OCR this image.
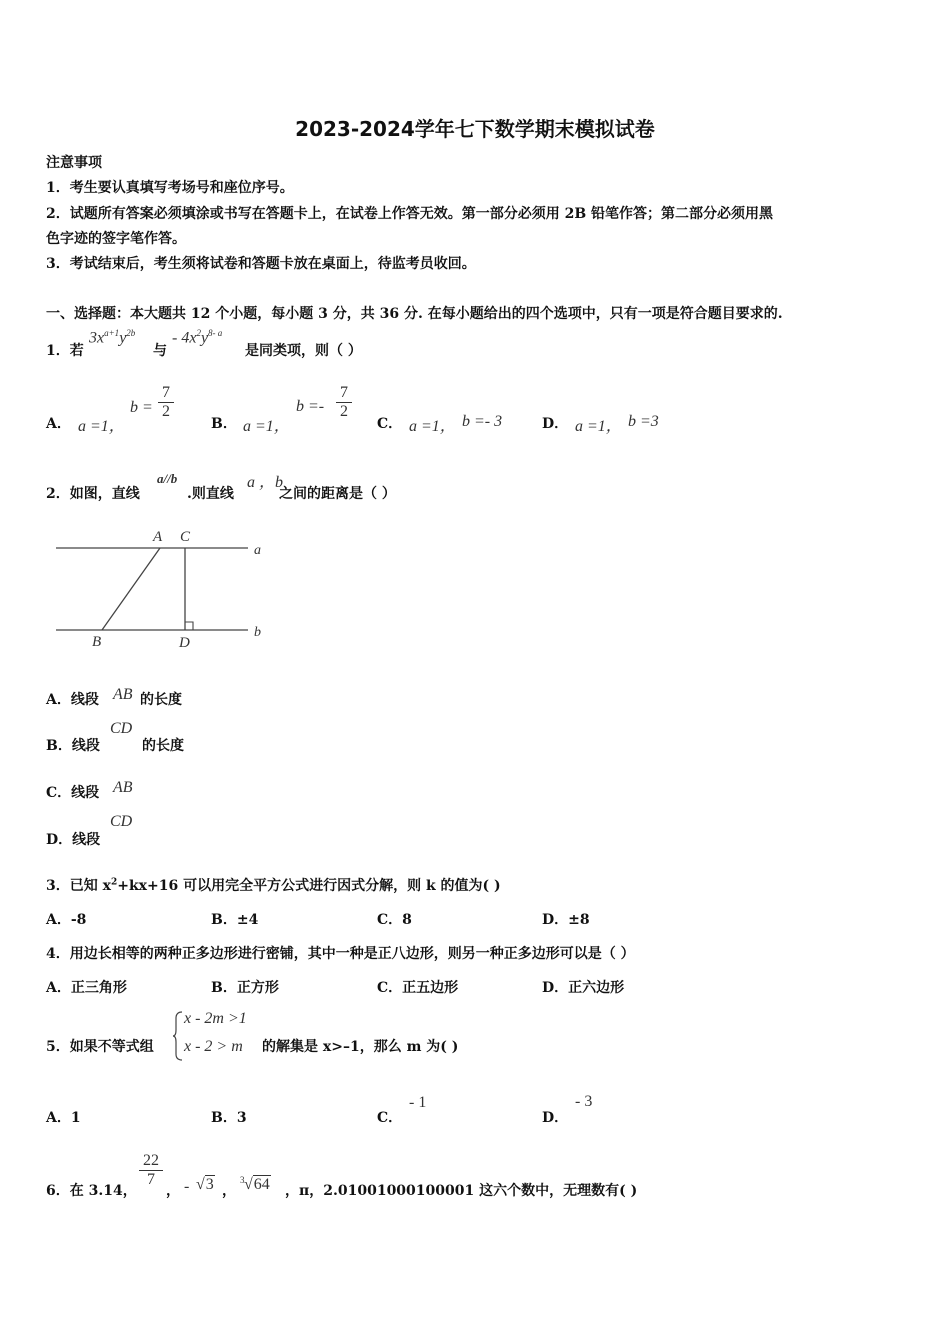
2023-2024学年七下数学期末模拟试卷
注意事项
1．考生要认真填写考场号和座位序号。
2．试题所有答案必须填涂或书写在答题卡上，在试卷上作答无效。第一部分必须用 2B 铅笔作答；第二部分必须用黑
色字迹的签字笔作答。
3．考试结束后，考生须将试卷和答题卡放在桌面上，待监考员收回。
一、选择题：本大题共 12 个小题，每小题 3 分，共 36 分. 在每小题给出的四个选项中，只有一项是符合题目要求的.
1．若
$3x^{a+1}y^{2b}$
与
- $4x^2y^{8- a}$
是同类项，则（ ）
A． a =1，
$b = \frac{7}{2}$
B． a =1，
$b =- \frac{7}{2}$
C． a =1， b =- 3	D． a =1， b =3
2．如图，直线
a//b
.则直线
a ，b
之间的距离是（ ）
A C
a
B	D
b
A．线段 AB 的长度
B．线段
CD
的长度
C．线段 AB
D．线段
CD
3．已知 $x^2+kx+16$ 可以用完全平方公式进行因式分解，则 k 的值为( )
A．-8	B．±4	C．8	D．±8
4．用边长相等的两种正多边形进行密铺，其中一种是正八边形，则另一种正多边形可以是（ ）
A．正三角形	B．正方形	C．正五边形	D．正六边形
5．如果不等式组
x - 2m >1
x - 2 > m 的解集是 x>–1，那么 m 为( )
A．1	B．3	C．
- 1
D．
- 3
6．在 3.14，
$\frac{22}{7}$
， - √3 ，
3 √64 ，π，2.01001000100001 这六个数中，无理数有( )
